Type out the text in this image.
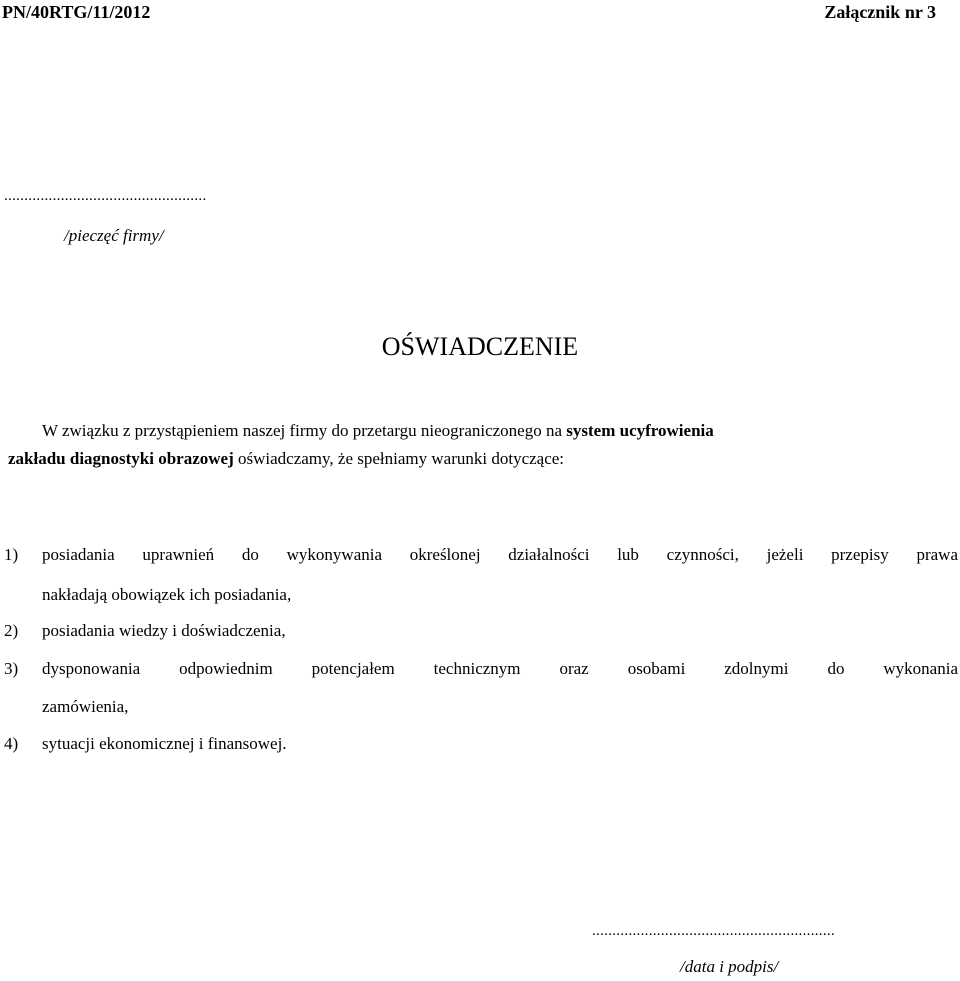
PN/40RTG/11/2012	Załącznik nr 3
..................................................
/pieczęć firmy/
OŚWIADCZENIE
W związku z przystąpieniem naszej firmy do przetargu nieograniczonego na system ucyfrowienia
zakładu diagnostyki obrazowej oświadczamy, że spełniamy warunki dotyczące:
1) posiadania uprawnień do wykonywania określonej działalności lub czynności, jeżeli przepisy prawa
nakładają obowiązek ich posiadania,
2) posiadania wiedzy i doświadczenia,
3) dysponowania odpowiednim potencjałem technicznym oraz osobami zdolnymi do wykonania
zamówienia,
4) sytuacji ekonomicznej i finansowej.
............................................................
/data i podpis/
